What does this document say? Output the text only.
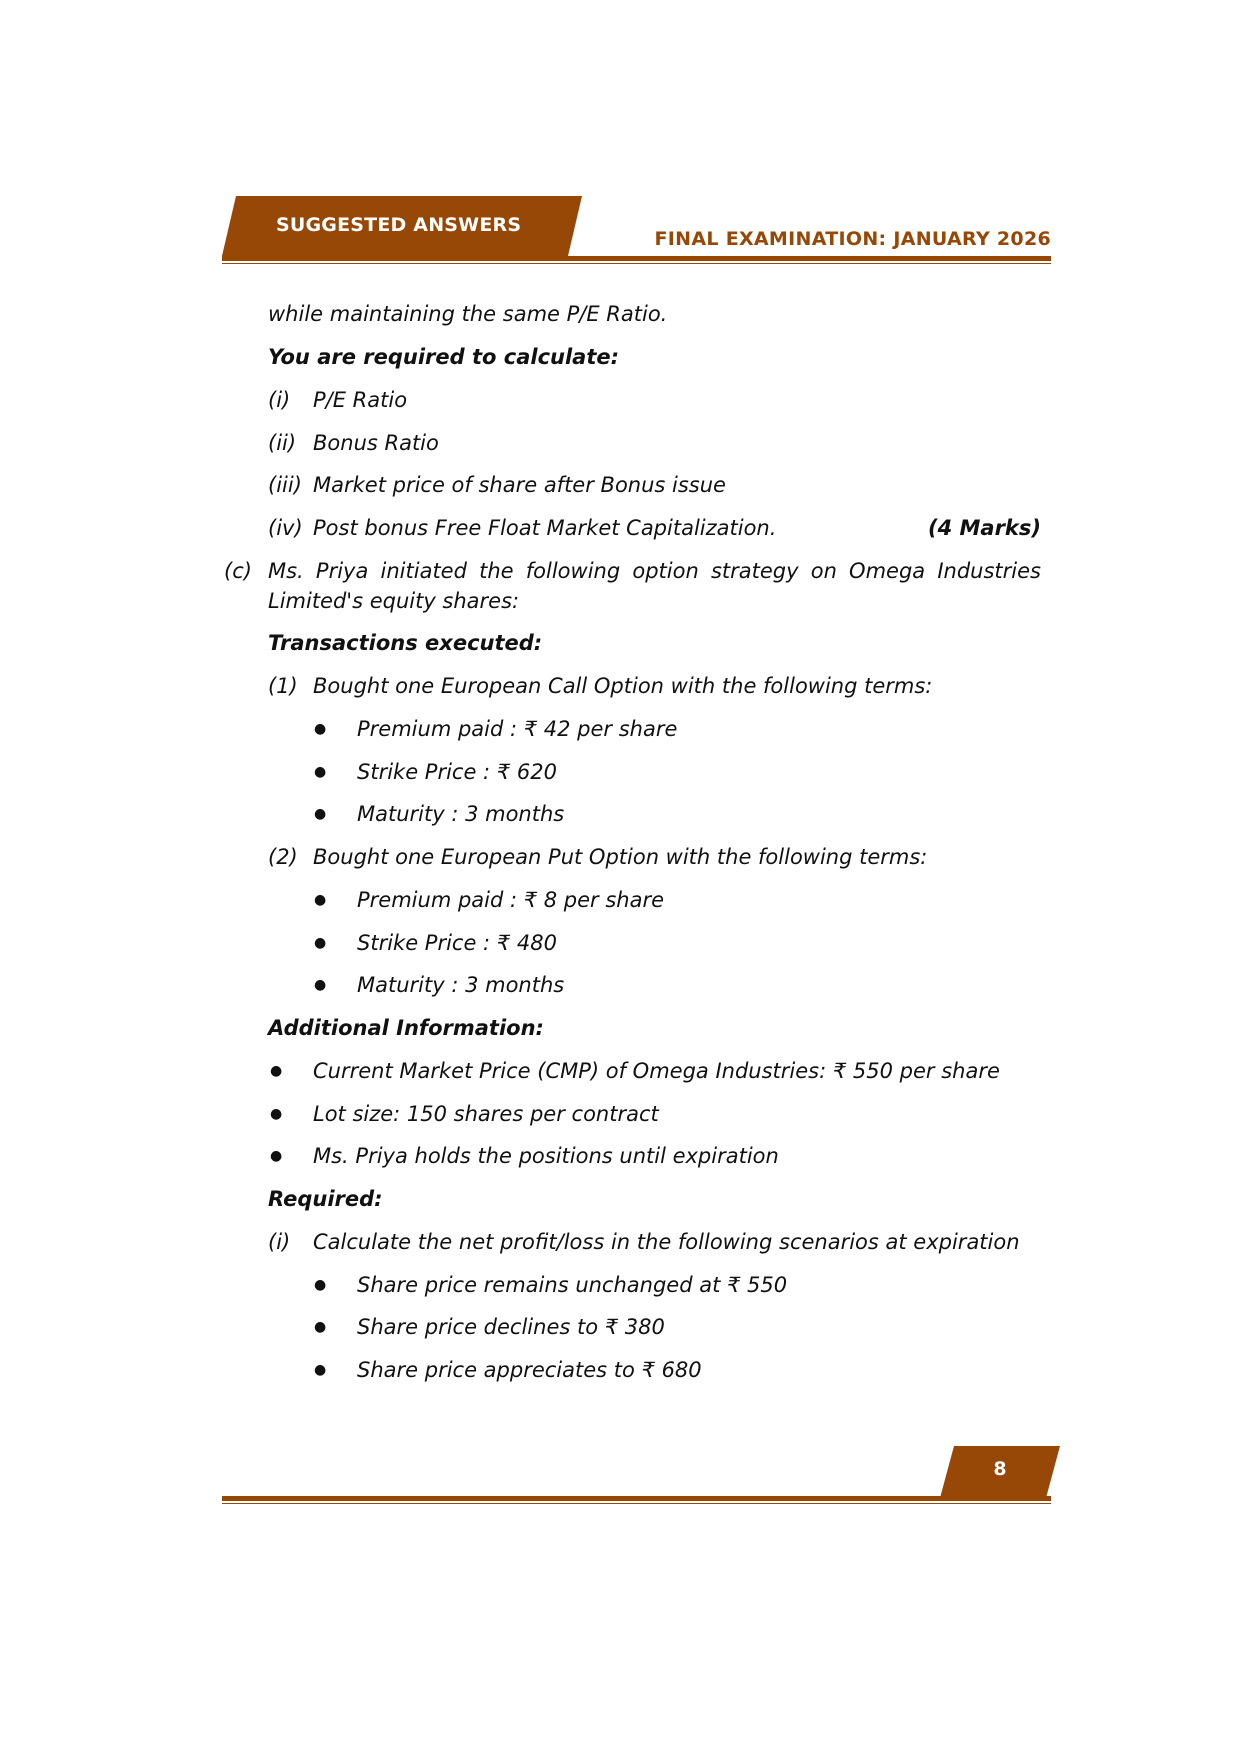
SUGGESTED ANSWERS
FINAL EXAMINATION: JANUARY 2026
while maintaining the same P/E Ratio.
You are required to calculate:
(i) P/E Ratio
(ii) Bonus Ratio
(iii) Market price of share after Bonus issue
(iv) Post bonus Free Float Market Capitalization.	(4 Marks)
(c) Ms. Priya initiated the following option strategy on Omega Industries
Limited's equity shares:
Transactions executed:
(1) Bought one European Call Option with the following terms:
● Premium paid : ₹ 42 per share
● Strike Price : ₹ 620
● Maturity : 3 months
(2) Bought one European Put Option with the following terms:
● Premium paid : ₹ 8 per share
● Strike Price : ₹ 480
● Maturity : 3 months
Additional Information:
● Current Market Price (CMP) of Omega Industries: ₹ 550 per share
● Lot size: 150 shares per contract
● Ms. Priya holds the positions until expiration
Required:
(i) Calculate the net profit/loss in the following scenarios at expiration
● Share price remains unchanged at ₹ 550
● Share price declines to ₹ 380
● Share price appreciates to ₹ 680
8
